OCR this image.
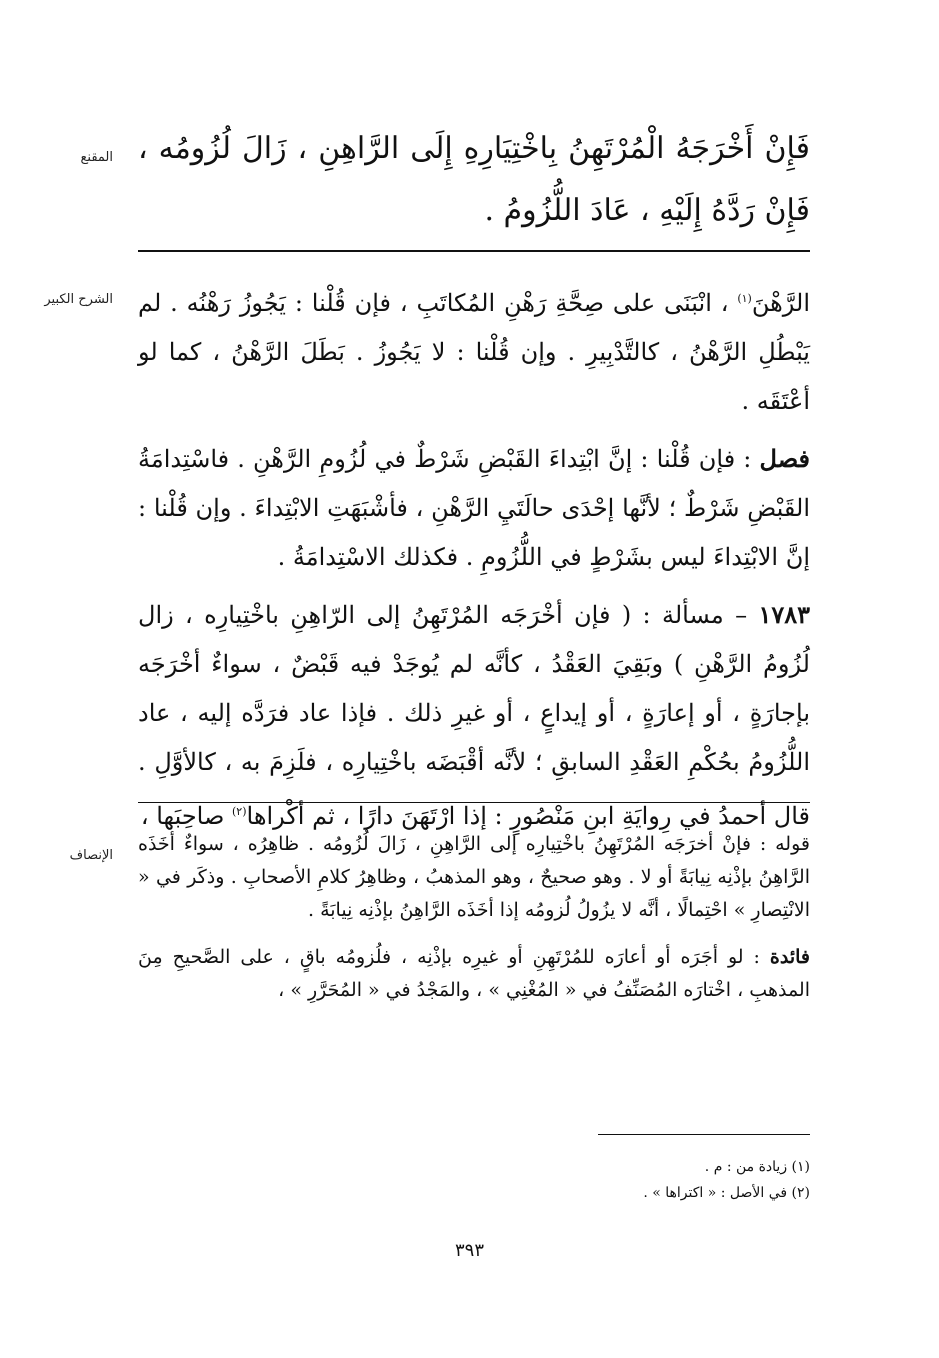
المقنع فَإِنْ أَخْرَجَهُ الْمُرْتَهِنُ بِاخْتِيَارِهِ إِلَى الرَّاهِنِ ، زَالَ لُزُومُه ، فَإِنْ رَدَّهُ إِلَيْهِ ، عَادَ اللُّزُومُ .

الشرح الكبير	الرَّهْنَ$^{(١)}$ ، انْبَنَى على صِحَّةِ رَهْنِ المُكاتَبِ ، فإن قُلْنا : يَجُوزُ رَهْنُه . لم يَبْطُلِ الرَّهْنُ ، كالتَّدْبِيرِ . وإن قُلْنا : لا يَجُوزُ . بَطَلَ الرَّهْنُ ، كما لو أعْتَقَه .

فصل : فإن قُلْنا : إنَّ ابْتِداءَ القَبْضِ شَرْطٌ في لُزُومِ الرَّهْنِ . فاسْتِدامَةُ القَبْضِ شَرْطٌ ؛ لأنَّها إحْدَى حالَتَيِ الرَّهْنِ ، فأشْبَهَتِ الابْتِداءَ . وإن قُلْنا : إنَّ الابْتِداءَ ليس بشَرْطٍ في اللُّزُومِ . فكذلك الاسْتِدامَةُ .

١٧٨٣ – مسألة : ( فإن أخْرَجَه المُرْتَهِنُ إلى الرّاهِنِ باخْتِيارِه ، زال لُزُومُ الرَّهْنِ ) وبَقِيَ العَقْدُ ، كأنَّه لم يُوجَدْ فيه قَبْضٌ ، سواءٌ أخْرَجَه بإجارَةٍ ، أو إعارَةٍ ، أو إيداعٍ ، أو غيرِ ذلك . فإذا عاد فرَدَّه إليه ، عاد اللُّزُومُ بحُكْمِ العَقْدِ السابقِ ؛ لأنَّه أقْبَضَه باخْتِيارِه ، فلَزِمَ به ، كالأوَّلِ . قال أحمدُ في رِوايَةِ ابنِ مَنْصُورٍ : إذا ارْتَهَنَ دارًا ، ثم أكْراها$^{(٢)}$ صاحِبَها ،

الإنصاف

قوله : فإنْ أخرَجَه المُرْتَهِنُ باخْتِيارِه إلى الرَّاهِنِ ، زَالَ لُزُومُه . ظاهِرُه ، سواءٌ أخَذَه الرَّاهِنُ بإذْنِه نِيابَةً أو لا . وهو صحيحٌ ، وهو المذهبُ ، وظاهِرُ كلامِ الأصحابِ . وذكَر في « الانْتِصارِ » احْتِمالًا ، أنَّه لا يزُولُ لُزومُه إذا أخَذَه الرَّاهِنُ بإذْنِه نِيابَةً .

فائدة : لو أجَرَه أو أعارَه للمُرْتَهِنِ أو غيرِه بإذْنِه ، فلُزومُه باقٍ ، على الصَّحيحِ مِنَ المذهبِ ، اخْتارَه المُصَنِّفُ في « المُغْنِي » ، والمَجْدُ في « المُحَرَّرِ » ،

(١) زيادة من : م .
(٢) في الأصل : « اكتراها » .
٣٩٣
